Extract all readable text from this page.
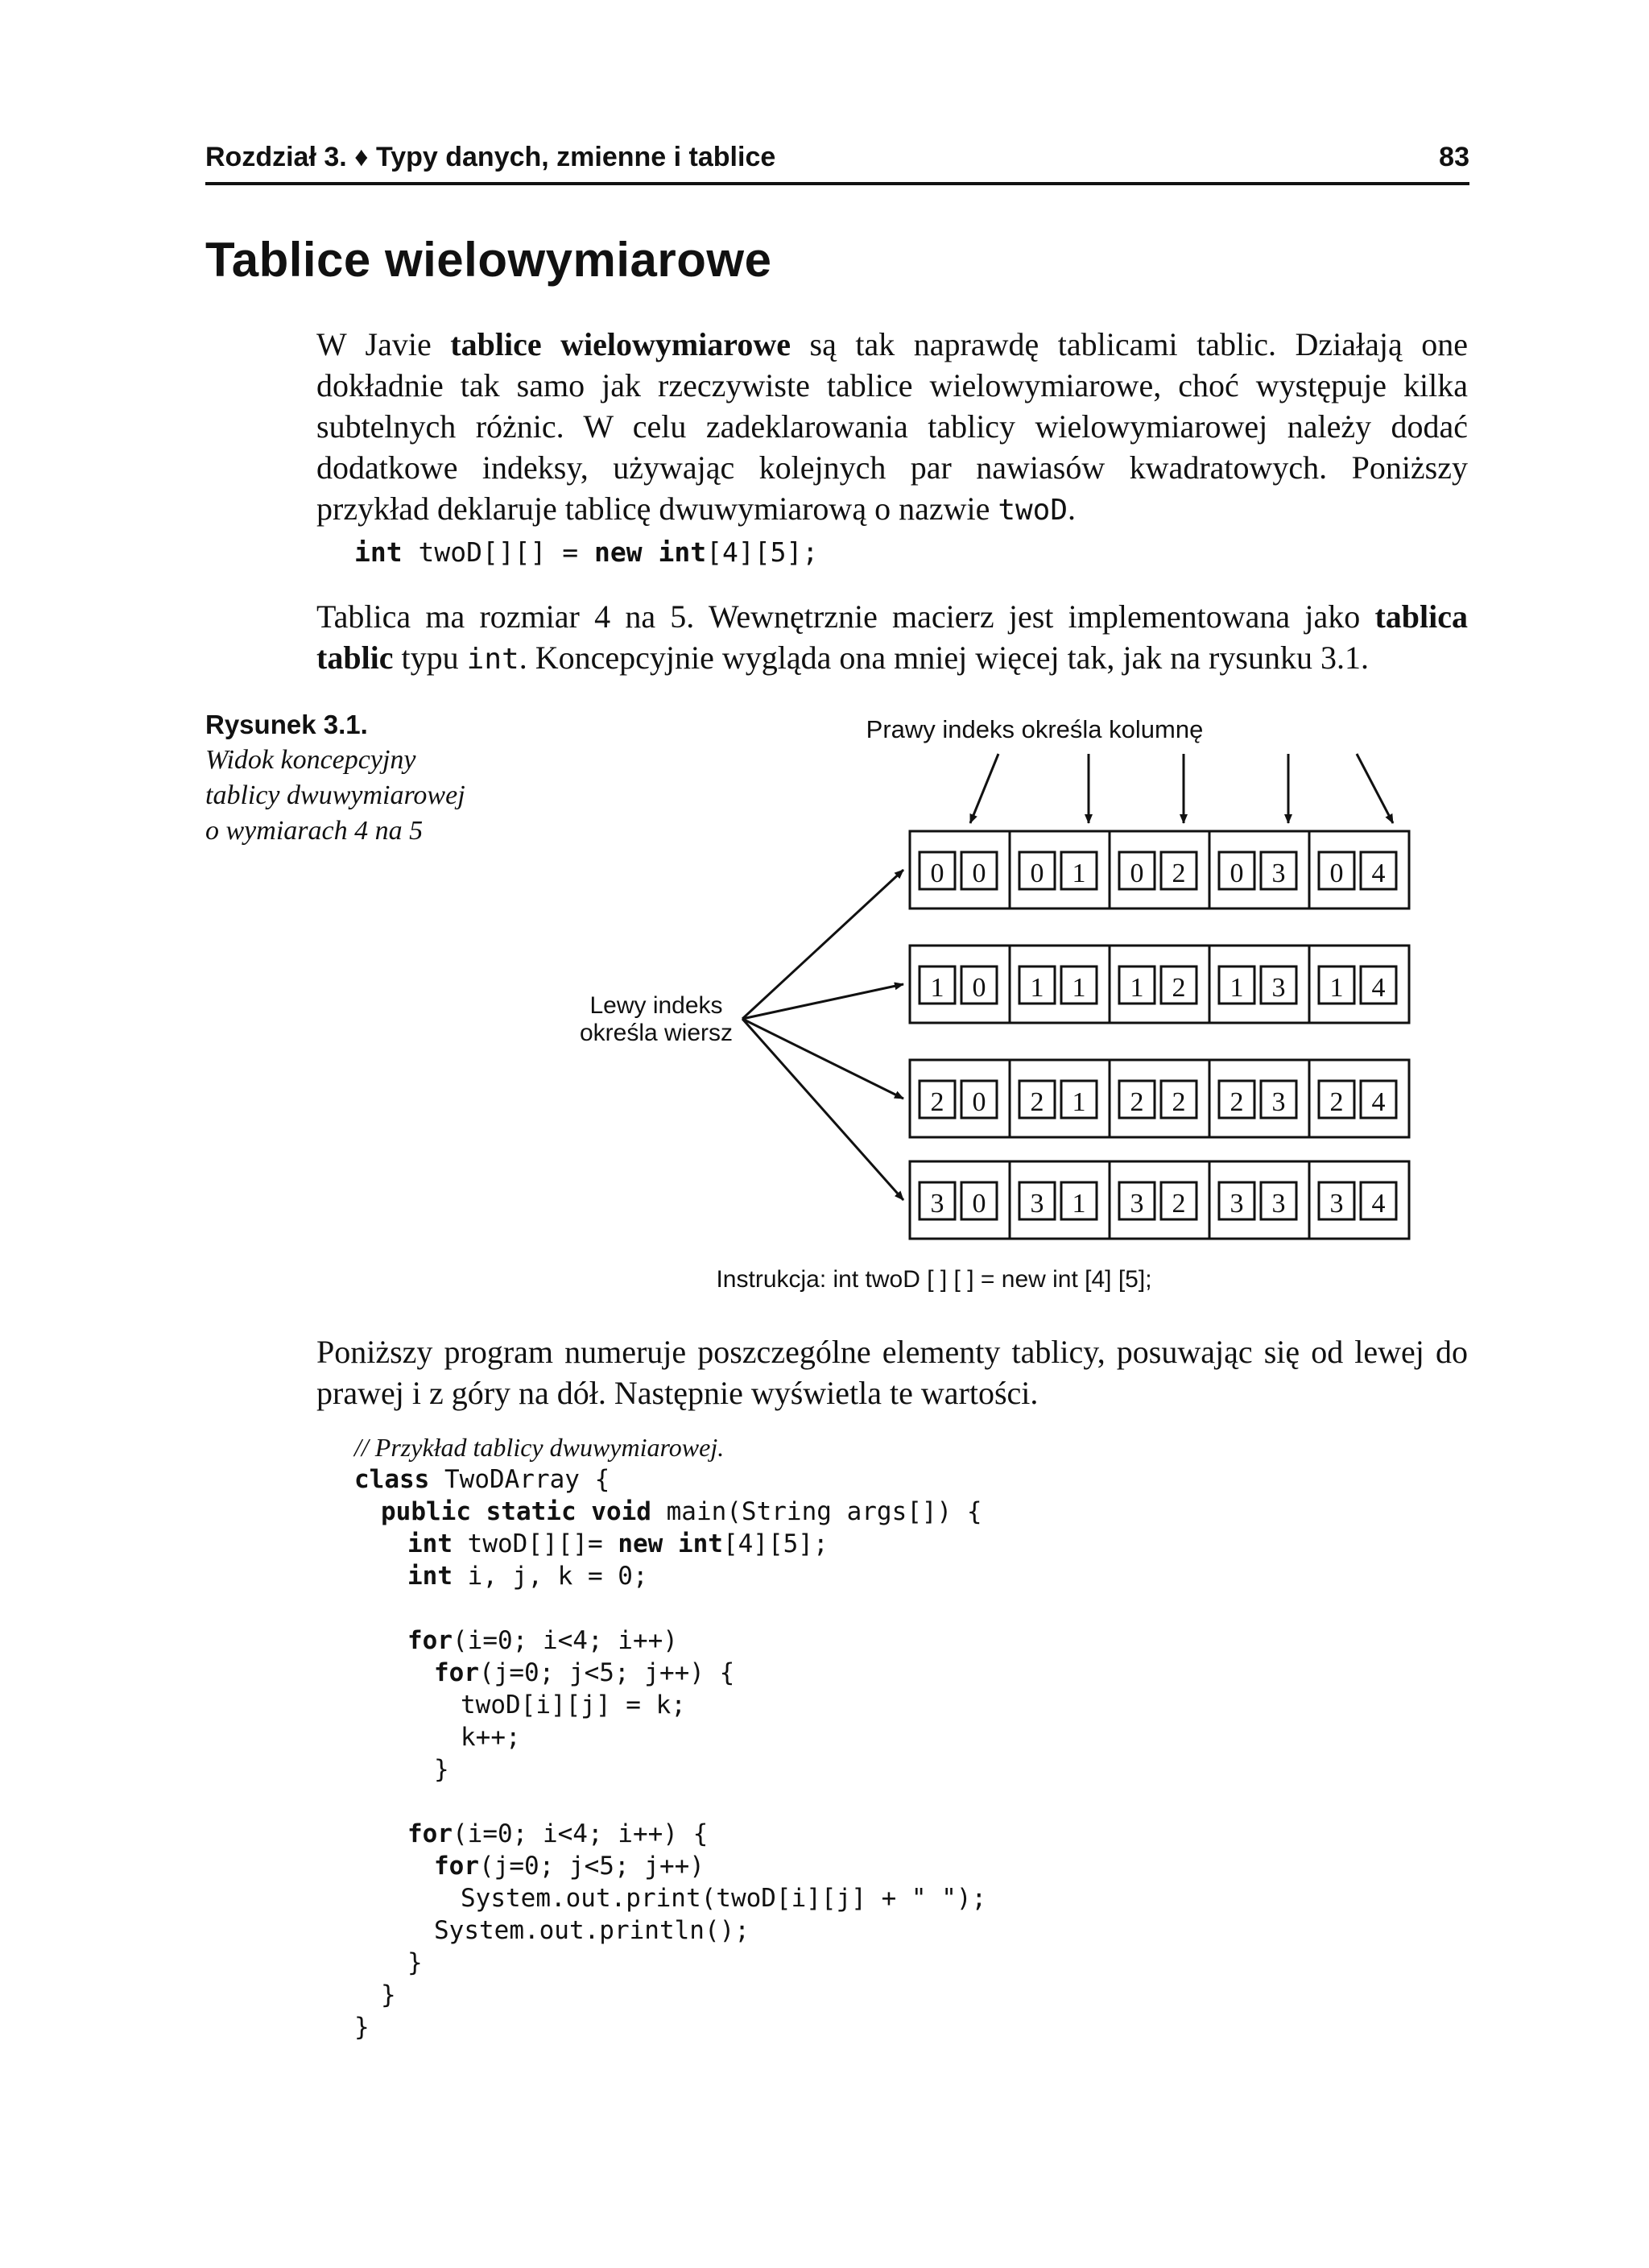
Rozdział 3. ♦ Typy danych, zmienne i tablice	83
Tablice wielowymiarowe

W Javie tablice wielowymiarowe są tak naprawdę tablicami tablic. Działają one dokładnie tak samo jak rzeczywiste tablice wielowymiarowe, choć występuje kilka subtelnych różnic. W celu zadeklarowania tablicy wielowymiarowej należy dodać dodatkowe indeksy, używając kolejnych par nawiasów kwadratowych. Poniższy przykład deklaruje tablicę dwuwymiarową o nazwie twoD.

int twoD[][] = new int[4][5];

Tablica ma rozmiar 4 na 5. Wewnętrznie macierz jest implementowana jako tablica tablic typu int. Koncepcyjnie wygląda ona mniej więcej tak, jak na rysunku 3.1.

Rysunek 3.1.
Widok koncepcyjny
tablicy dwuwymiarowej
o wymiarach 4 na 5
Prawy indeks określa kolumnę
Lewy indeks
określa wiersz
0 0 0 1 0 2 0 3 0 4
1 0 1 1 1 2 1 3 1 4
2 0 2 1 2 2 2 3 2 4
3 0 3 1 3 2 3 3 3 4
Instrukcja: int twoD [ ] [ ] = new int [4] [5];

Poniższy program numeruje poszczególne elementy tablicy, posuwając się od lewej do prawej i z góry na dół. Następnie wyświetla te wartości.

// Przykład tablicy dwuwymiarowej.
class TwoDArray {
public static void main(String args[]) {
int twoD[][]= new int[4][5];
int i, j, k = 0;
for(i=0; i<4; i++)
for(j=0; j<5; j++) {
twoD[i][j] = k;
k++;
}
for(i=0; i<4; i++) {
for(j=0; j<5; j++)
System.out.print(twoD[i][j] + " ");
System.out.println();
}
}
}
